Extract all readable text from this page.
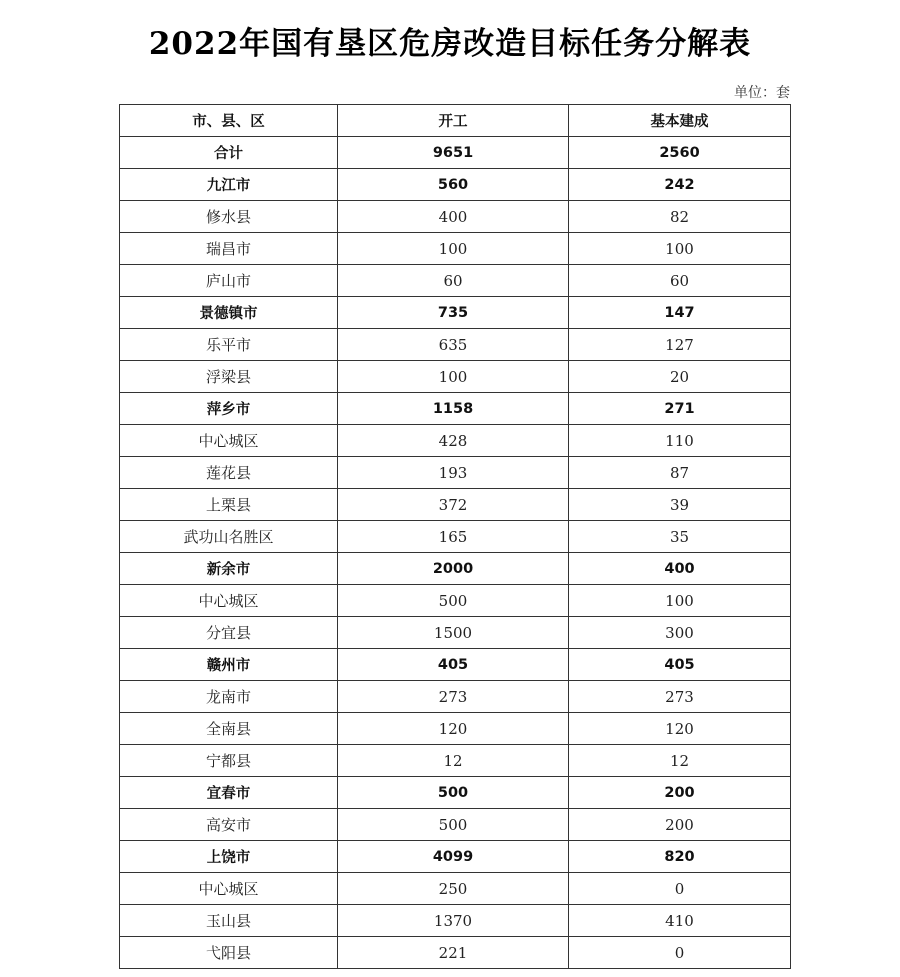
2022年国有垦区危房改造目标任务分解表
单位：套
市、县、区	开工	基本建成
合计	9651	2560
九江市	560	242
修水县	400	82
瑞昌市	100	100
庐山市	60	60
景德镇市	735	147
乐平市	635	127
浮梁县	100	20
萍乡市	1158	271
中心城区	428	110
莲花县	193	87
上栗县	372	39
武功山名胜区	165	35
新余市	2000	400
中心城区	500	100
分宜县	1500	300
赣州市	405	405
龙南市	273	273
全南县	120	120
宁都县	12	12
宜春市	500	200
高安市	500	200
上饶市	4099	820
中心城区	250	0
玉山县	1370	410
弋阳县	221	0
